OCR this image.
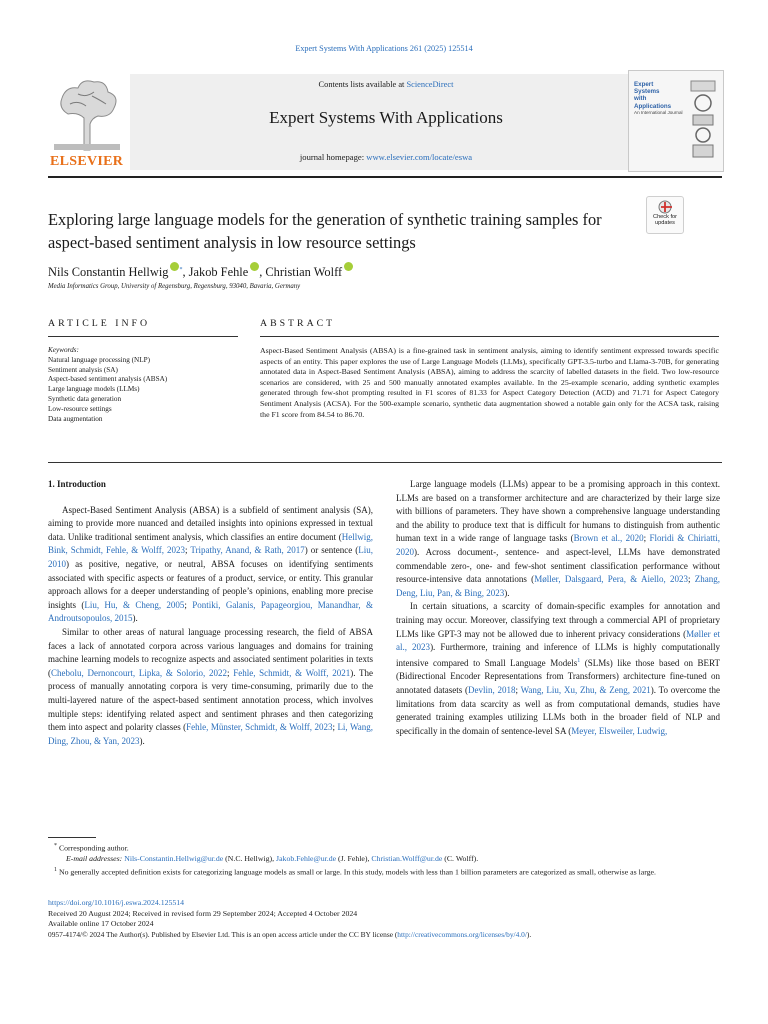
Expert Systems With Applications 261 (2025) 125514
ELSEVIER
Contents lists available at ScienceDirect
Expert Systems With Applications
journal homepage: www.elsevier.com/locate/eswa
Expert
Systems
with
Applications
An International Journal
Exploring large language models for the generation of synthetic training samples for aspect-based sentiment analysis in low resource settings
Check for
updates
Nils Constantin Hellwig *, Jakob Fehle , Christian Wolff
Media Informatics Group, University of Regensburg, Regensburg, 93040, Bavaria, Germany
ARTICLE INFO	ABSTRACT
Keywords:
Natural language processing (NLP)
Sentiment analysis (SA)
Aspect-based sentiment analysis (ABSA)
Large language models (LLMs)
Synthetic data generation
Low-resource settings
Data augmentation
Aspect-Based Sentiment Analysis (ABSA) is a fine-grained task in sentiment analysis, aiming to identify sentiment expressed towards specific aspects of an entity. This paper explores the use of Large Language Models (LLMs), specifically GPT-3.5-turbo and Llama-3-70B, for generating annotated data in Aspect-Based Sentiment Analysis (ABSA), aiming to address the scarcity of labelled datasets in the field. Two low-resource scenarios are considered, with 25 and 500 manually annotated examples available. In the 25-example scenario, adding synthetic examples generated through few-shot prompting resulted in F1 scores of 81.33 for Aspect Category Detection (ACD) and 71.71 for Aspect Category Sentiment Analysis (ACSA). For the 500-example scenario, synthetic data augmentation showed a notable gain only for the ACSA task, raising the F1 score from 84.54 to 86.70.
1. Introduction

Aspect-Based Sentiment Analysis (ABSA) is a subfield of sentiment analysis (SA), aiming to provide more nuanced and detailed insights into opinions expressed in textual data. Unlike traditional sentiment analysis, which classifies an entire document (Hellwig, Bink, Schmidt, Fehle, & Wolff, 2023; Tripathy, Anand, & Rath, 2017) or sentence (Liu, 2010) as positive, negative, or neutral, ABSA focuses on identifying sentiments associated with specific aspects or features of a product, service, or entity. This granular approach allows for a deeper understanding of people’s opinions, enabling more precise insights (Liu, Hu, & Cheng, 2005; Pontiki, Galanis, Papageorgiou, Manandhar, & Androutsopoulos, 2015).

Similar to other areas of natural language processing research, the field of ABSA faces a lack of annotated corpora across various languages and domains for training machine learning models to recognize aspects and associated sentiment polarities in texts (Chebolu, Dernoncourt, Lipka, & Solorio, 2022; Fehle, Schmidt, & Wolff, 2021). The process of manually annotating corpora is very time-consuming, primarily due to the multi-layered nature of the aspect-based sentiment annotation process, which involves multiple steps: identifying related aspect and sentiment phrases and then categorizing them into aspect and polarity classes (Fehle, Münster, Schmidt, & Wolff, 2023; Li, Wang, Ding, Zhou, & Yan, 2023).

Large language models (LLMs) appear to be a promising approach in this context. LLMs are based on a transformer architecture and are characterized by their large size with billions of parameters. They have shown a comprehensive language understanding and the ability to produce text that is difficult for humans to distinguish from authentic human text in a wide range of language tasks (Brown et al., 2020; Floridi & Chiriatti, 2020). Across document-, sentence- and aspect-level, LLMs have demonstrated commendable zero-, one- and few-shot sentiment classification performance without resource-intensive data annotations (Møller, Dalsgaard, Pera, & Aiello, 2023; Zhang, Deng, Liu, Pan, & Bing, 2023).

In certain situations, a scarcity of domain-specific examples for annotation and training may occur. Moreover, classifying text through a commercial API of proprietary LLMs like GPT-3 may not be allowed due to inherent privacy considerations (Møller et al., 2023). Furthermore, training and inference of LLMs is highly computationally intensive compared to Small Language Models$^1$ (SLMs) like those based on BERT (Bidirectional Encoder Representations from Transformers) architecture fine-tuned on annotated datasets (Devlin, 2018; Wang, Liu, Xu, Zhu, & Zeng, 2021). To overcome the limitations from data scarcity as well as from computational demands, studies have generated training examples utilizing LLMs both in the broader field of NLP and specifically in the domain of sentence-level SA (Meyer, Elsweiler, Ludwig,

* Corresponding author.

E-mail addresses: Nils-Constantin.Hellwig@ur.de (N.C. Hellwig), Jakob.Fehle@ur.de (J. Fehle), Christian.Wolff@ur.de (C. Wolff).

$^1$ No generally accepted definition exists for categorizing language models as small or large. In this study, models with less than 1 billion parameters are categorized as small, otherwise as large.

https://doi.org/10.1016/j.eswa.2024.125514

Received 20 August 2024; Received in revised form 29 September 2024; Accepted 4 October 2024

Available online 17 October 2024

0957-4174/© 2024 The Author(s). Published by Elsevier Ltd. This is an open access article under the CC BY license (http://creativecommons.org/licenses/by/4.0/).
